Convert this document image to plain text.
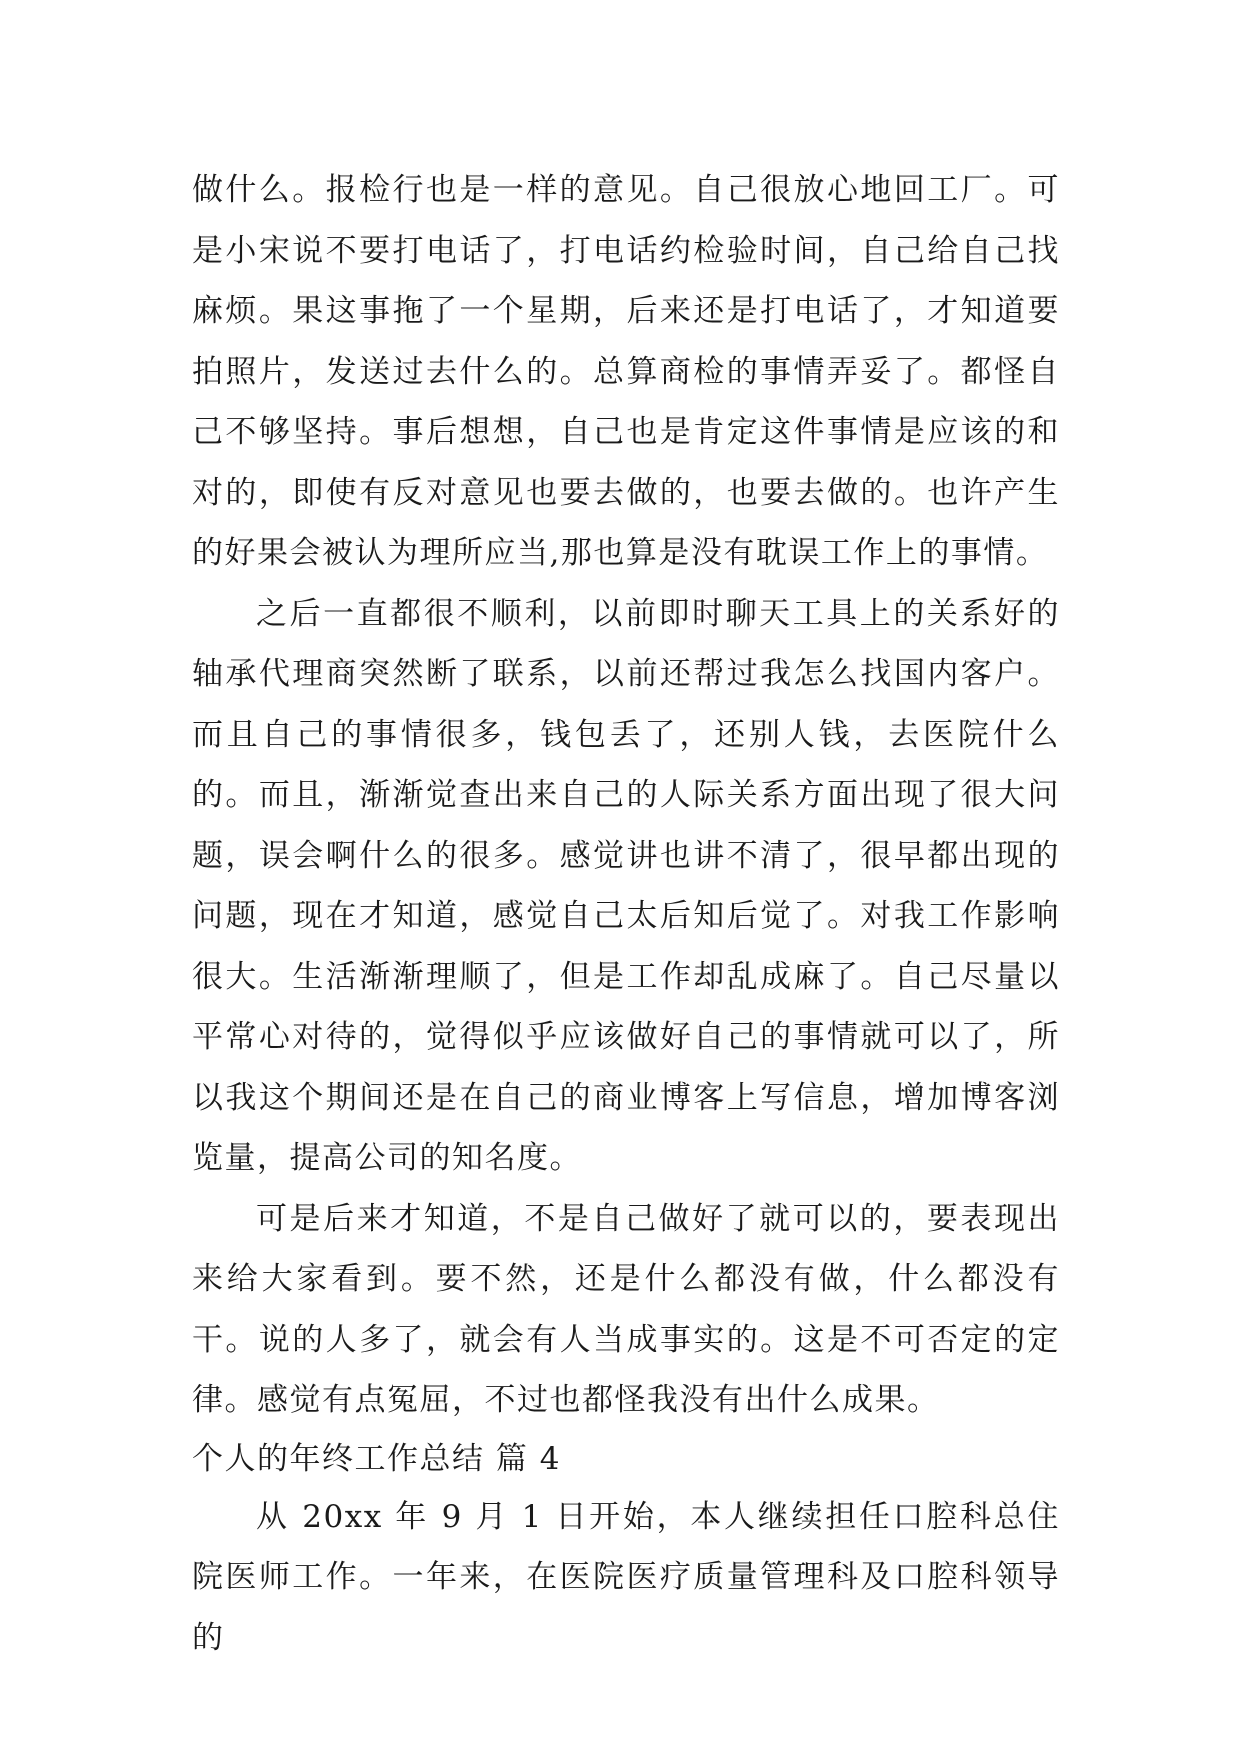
做什么。报检行也是一样的意见。自己很放心地回工厂。可是小宋说不要打电话了，打电话约检验时间，自己给自己找麻烦。果这事拖了一个星期，后来还是打电话了，才知道要拍照片，发送过去什么的。总算商检的事情弄妥了。都怪自己不够坚持。事后想想，自己也是肯定这件事情是应该的和对的，即使有反对意见也要去做的，也要去做的。也许产生的好果会被认为理所应当,那也算是没有耽误工作上的事情。

之后一直都很不顺利，以前即时聊天工具上的关系好的轴承代理商突然断了联系，以前还帮过我怎么找国内客户。而且自己的事情很多，钱包丢了，还别人钱，去医院什么的。而且，渐渐觉查出来自己的人际关系方面出现了很大问题，误会啊什么的很多。感觉讲也讲不清了，很早都出现的问题，现在才知道，感觉自己太后知后觉了。对我工作影响很大。生活渐渐理顺了，但是工作却乱成麻了。自己尽量以平常心对待的，觉得似乎应该做好自己的事情就可以了，所以我这个期间还是在自己的商业博客上写信息，增加博客浏览量，提高公司的知名度。

可是后来才知道，不是自己做好了就可以的，要表现出来给大家看到。要不然，还是什么都没有做，什么都没有干。说的人多了，就会有人当成事实的。这是不可否定的定律。感觉有点冤屈，不过也都怪我没有出什么成果。

个人的年终工作总结 篇 4

从 20xx 年 9 月 1 日开始，本人继续担任口腔科总住院医师工作。一年来，在医院医疗质量管理科及口腔科领导的
